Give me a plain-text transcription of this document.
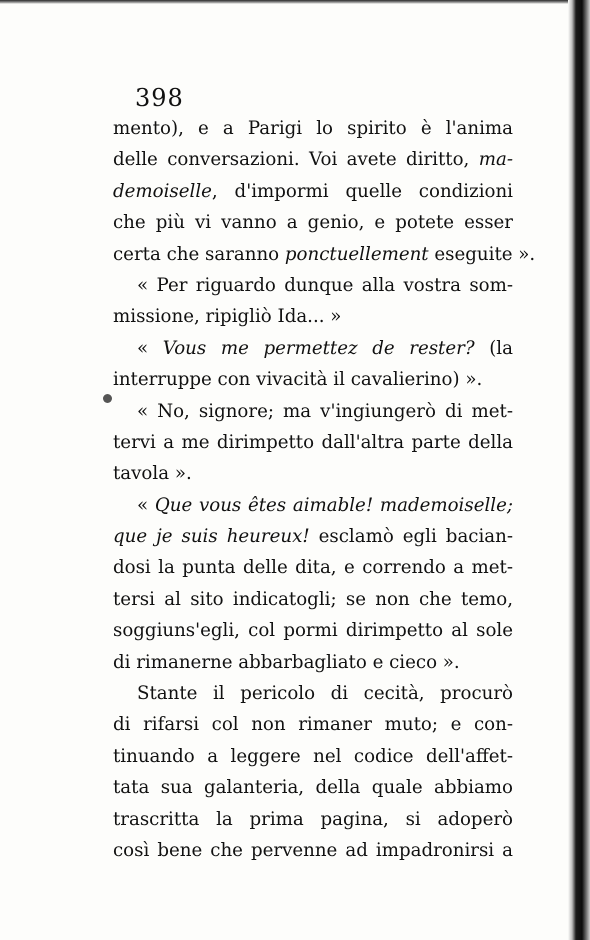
398
mento), e a Parigi lo spirito è l'anima
delle conversazioni. Voi avete diritto, ma-
demoiselle, d'impormi quelle condizioni
che più vi vanno a genio, e potete esser
certa che saranno ponctuellement eseguite ».
« Per riguardo dunque alla vostra som-
missione, ripigliò Ida... »
« Vous me permettez de rester? (la
interruppe con vivacità il cavalierino) ».
« No, signore; ma v'ingiungerò di met-
tervi a me dirimpetto dall'altra parte della
tavola ».
« Que vous êtes aimable! mademoiselle;
que je suis heureux! esclamò egli bacian-
dosi la punta delle dita, e correndo a met-
tersi al sito indicatogli; se non che temo,
soggiuns'egli, col pormi dirimpetto al sole
di rimanerne abbarbagliato e cieco ».
Stante il pericolo di cecità, procurò
di rifarsi col non rimaner muto; e con-
tinuando a leggere nel codice dell'affet-
tata sua galanteria, della quale abbiamo
trascritta la prima pagina, si adoperò
così bene che pervenne ad impadronirsi a
